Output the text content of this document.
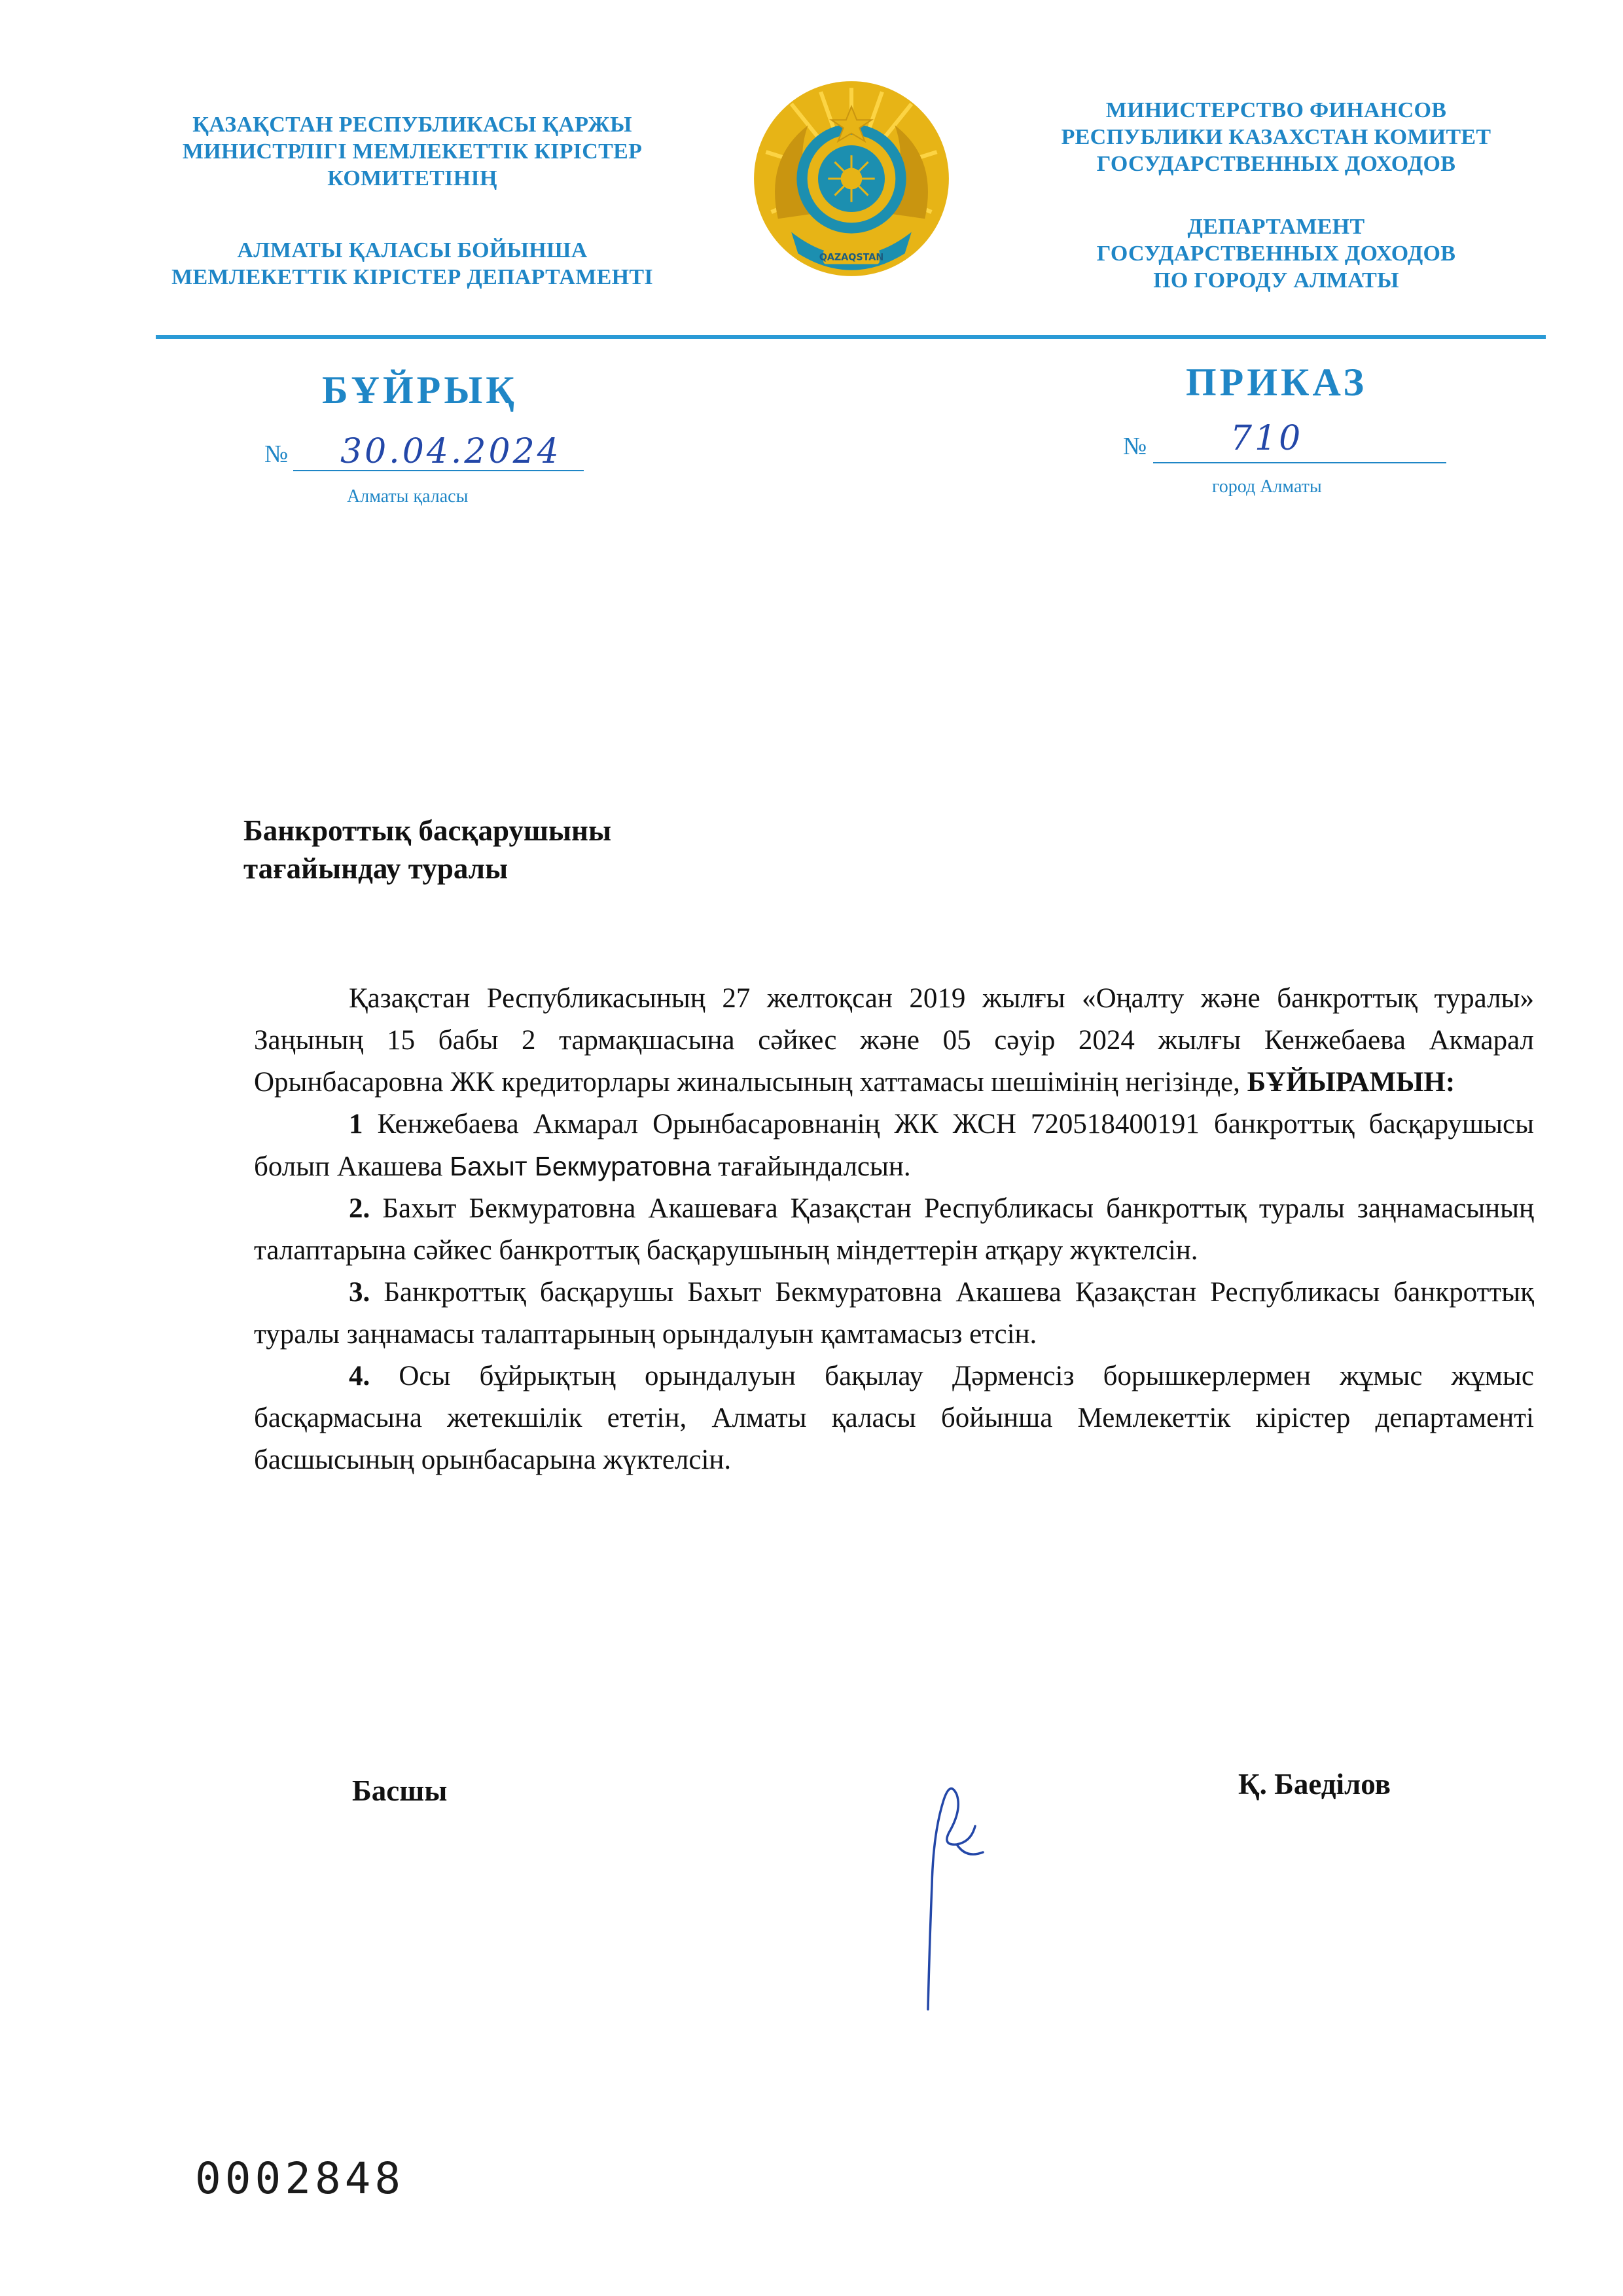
ҚАЗАҚСТАН РЕСПУБЛИКАСЫ ҚАРЖЫ
МИНИСТРЛІГІ МЕМЛЕКЕТТІК КІРІСТЕР
КОМИТЕТІНІҢ
АЛМАТЫ ҚАЛАСЫ БОЙЫНША
МЕМЛЕКЕТТІК КІРІСТЕР ДЕПАРТАМЕНТІ
QAZAQSTAN
МИНИСТЕРСТВО ФИНАНСОВ
РЕСПУБЛИКИ КАЗАХСТАН КОМИТЕТ
ГОСУДАРСТВЕННЫХ ДОХОДОВ
ДЕПАРТАМЕНТ
ГОСУДАРСТВЕННЫХ ДОХОДОВ
ПО ГОРОДУ АЛМАТЫ
БҰЙРЫҚ	ПРИКАЗ
№ 30.04.2024
Алматы қаласы
№ 710
город Алматы
Банкроттық басқарушыны
тағайындау туралы

Қазақстан Республикасының 27 желтоқсан 2019 жылғы «Оңалту және банкроттық туралы» Заңының 15 бабы 2 тармақшасына сәйкес және 05 сәуір 2024 жылғы Кенжебаева Акмарал Орынбасаровна ЖК кредиторлары жиналысының хаттамасы шешімінің негізінде, БҰЙЫРАМЫН:

1 Кенжебаева Акмарал Орынбасаровнанің ЖК ЖСН 720518400191 банкроттық басқарушысы болып Акашева Бахыт Бекмуратовна тағайындалсын.

2. Бахыт Бекмуратовна Акашеваға Қазақстан Республикасы банкроттық туралы заңнамасының талаптарына сәйкес банкроттық басқарушының міндеттерін атқару жүктелсін.

3. Банкроттық басқарушы Бахыт Бекмуратовна Акашева Қазақстан Республикасы банкроттық туралы заңнамасы талаптарының орындалуын қамтамасыз етсін.

4. Осы бұйрықтың орындалуын бақылау Дәрменсіз борышкерлермен жұмыс жұмыс басқармасына жетекшілік ететін, Алматы қаласы бойынша Мемлекеттік кірістер департаменті басшысының орынбасарына жүктелсін.

Басшы	Қ. Баеділов
0002848
